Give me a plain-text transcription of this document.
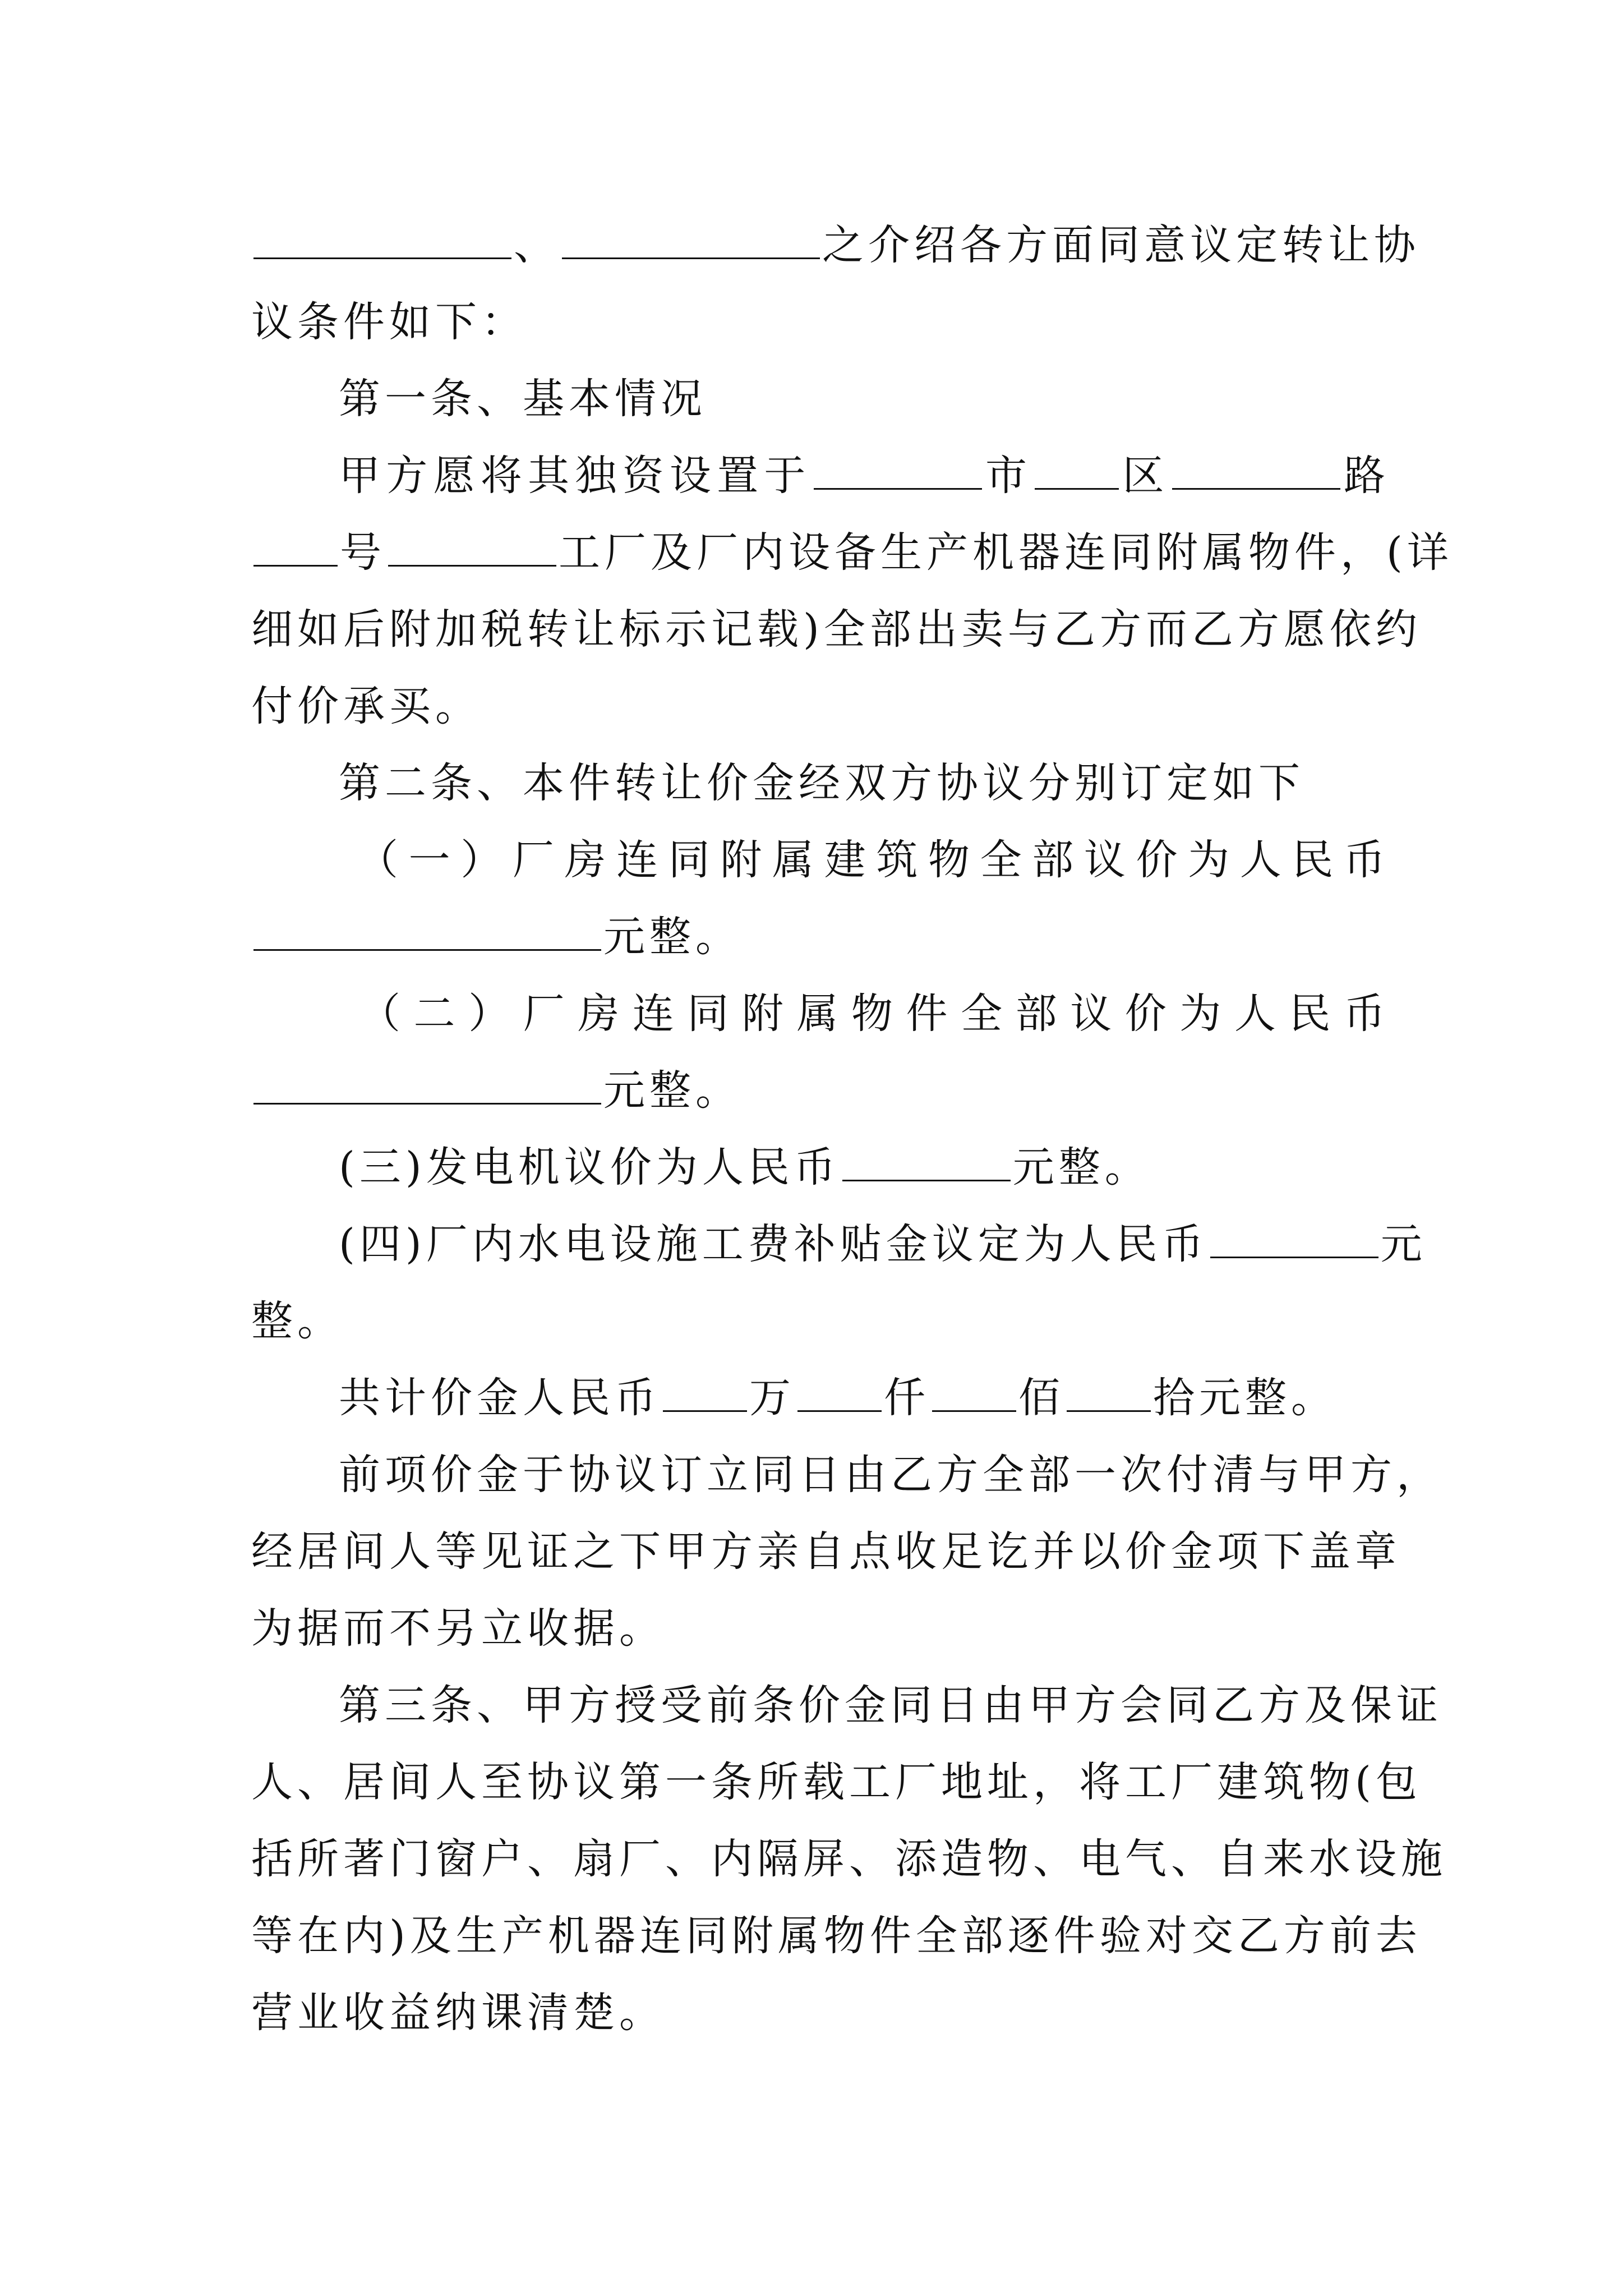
、	之介绍各方面同意议定转让协
议条件如下：
第一条、基本情况
甲方愿将其独资设置于	市 区	路
号	工厂及厂内设备生产机器连同附属物件，(详
细如后附加税转让标示记载)全部出卖与乙方而乙方愿依约
付价承买。
第二条、本件转让价金经双方协议分别订定如下
（一）厂房连同附属建筑物全部议价为人民币
元整。
（二）厂房连同附属物件全部议价为人民币
元整。
(三)发电机议价为人民币	元整。
(四)厂内水电设施工费补贴金议定为人民币	元
整。
共计价金人民币 万 仟 佰 拾元整。
前项价金于协议订立同日由乙方全部一次付清与甲方，
经居间人等见证之下甲方亲自点收足讫并以价金项下盖章
为据而不另立收据。
第三条、甲方授受前条价金同日由甲方会同乙方及保证
人、居间人至协议第一条所载工厂地址，将工厂建筑物(包
括所著门窗户、扇厂、内隔屏、添造物、电气、自来水设施
等在内)及生产机器连同附属物件全部逐件验对交乙方前去
营业收益纳课清楚。
